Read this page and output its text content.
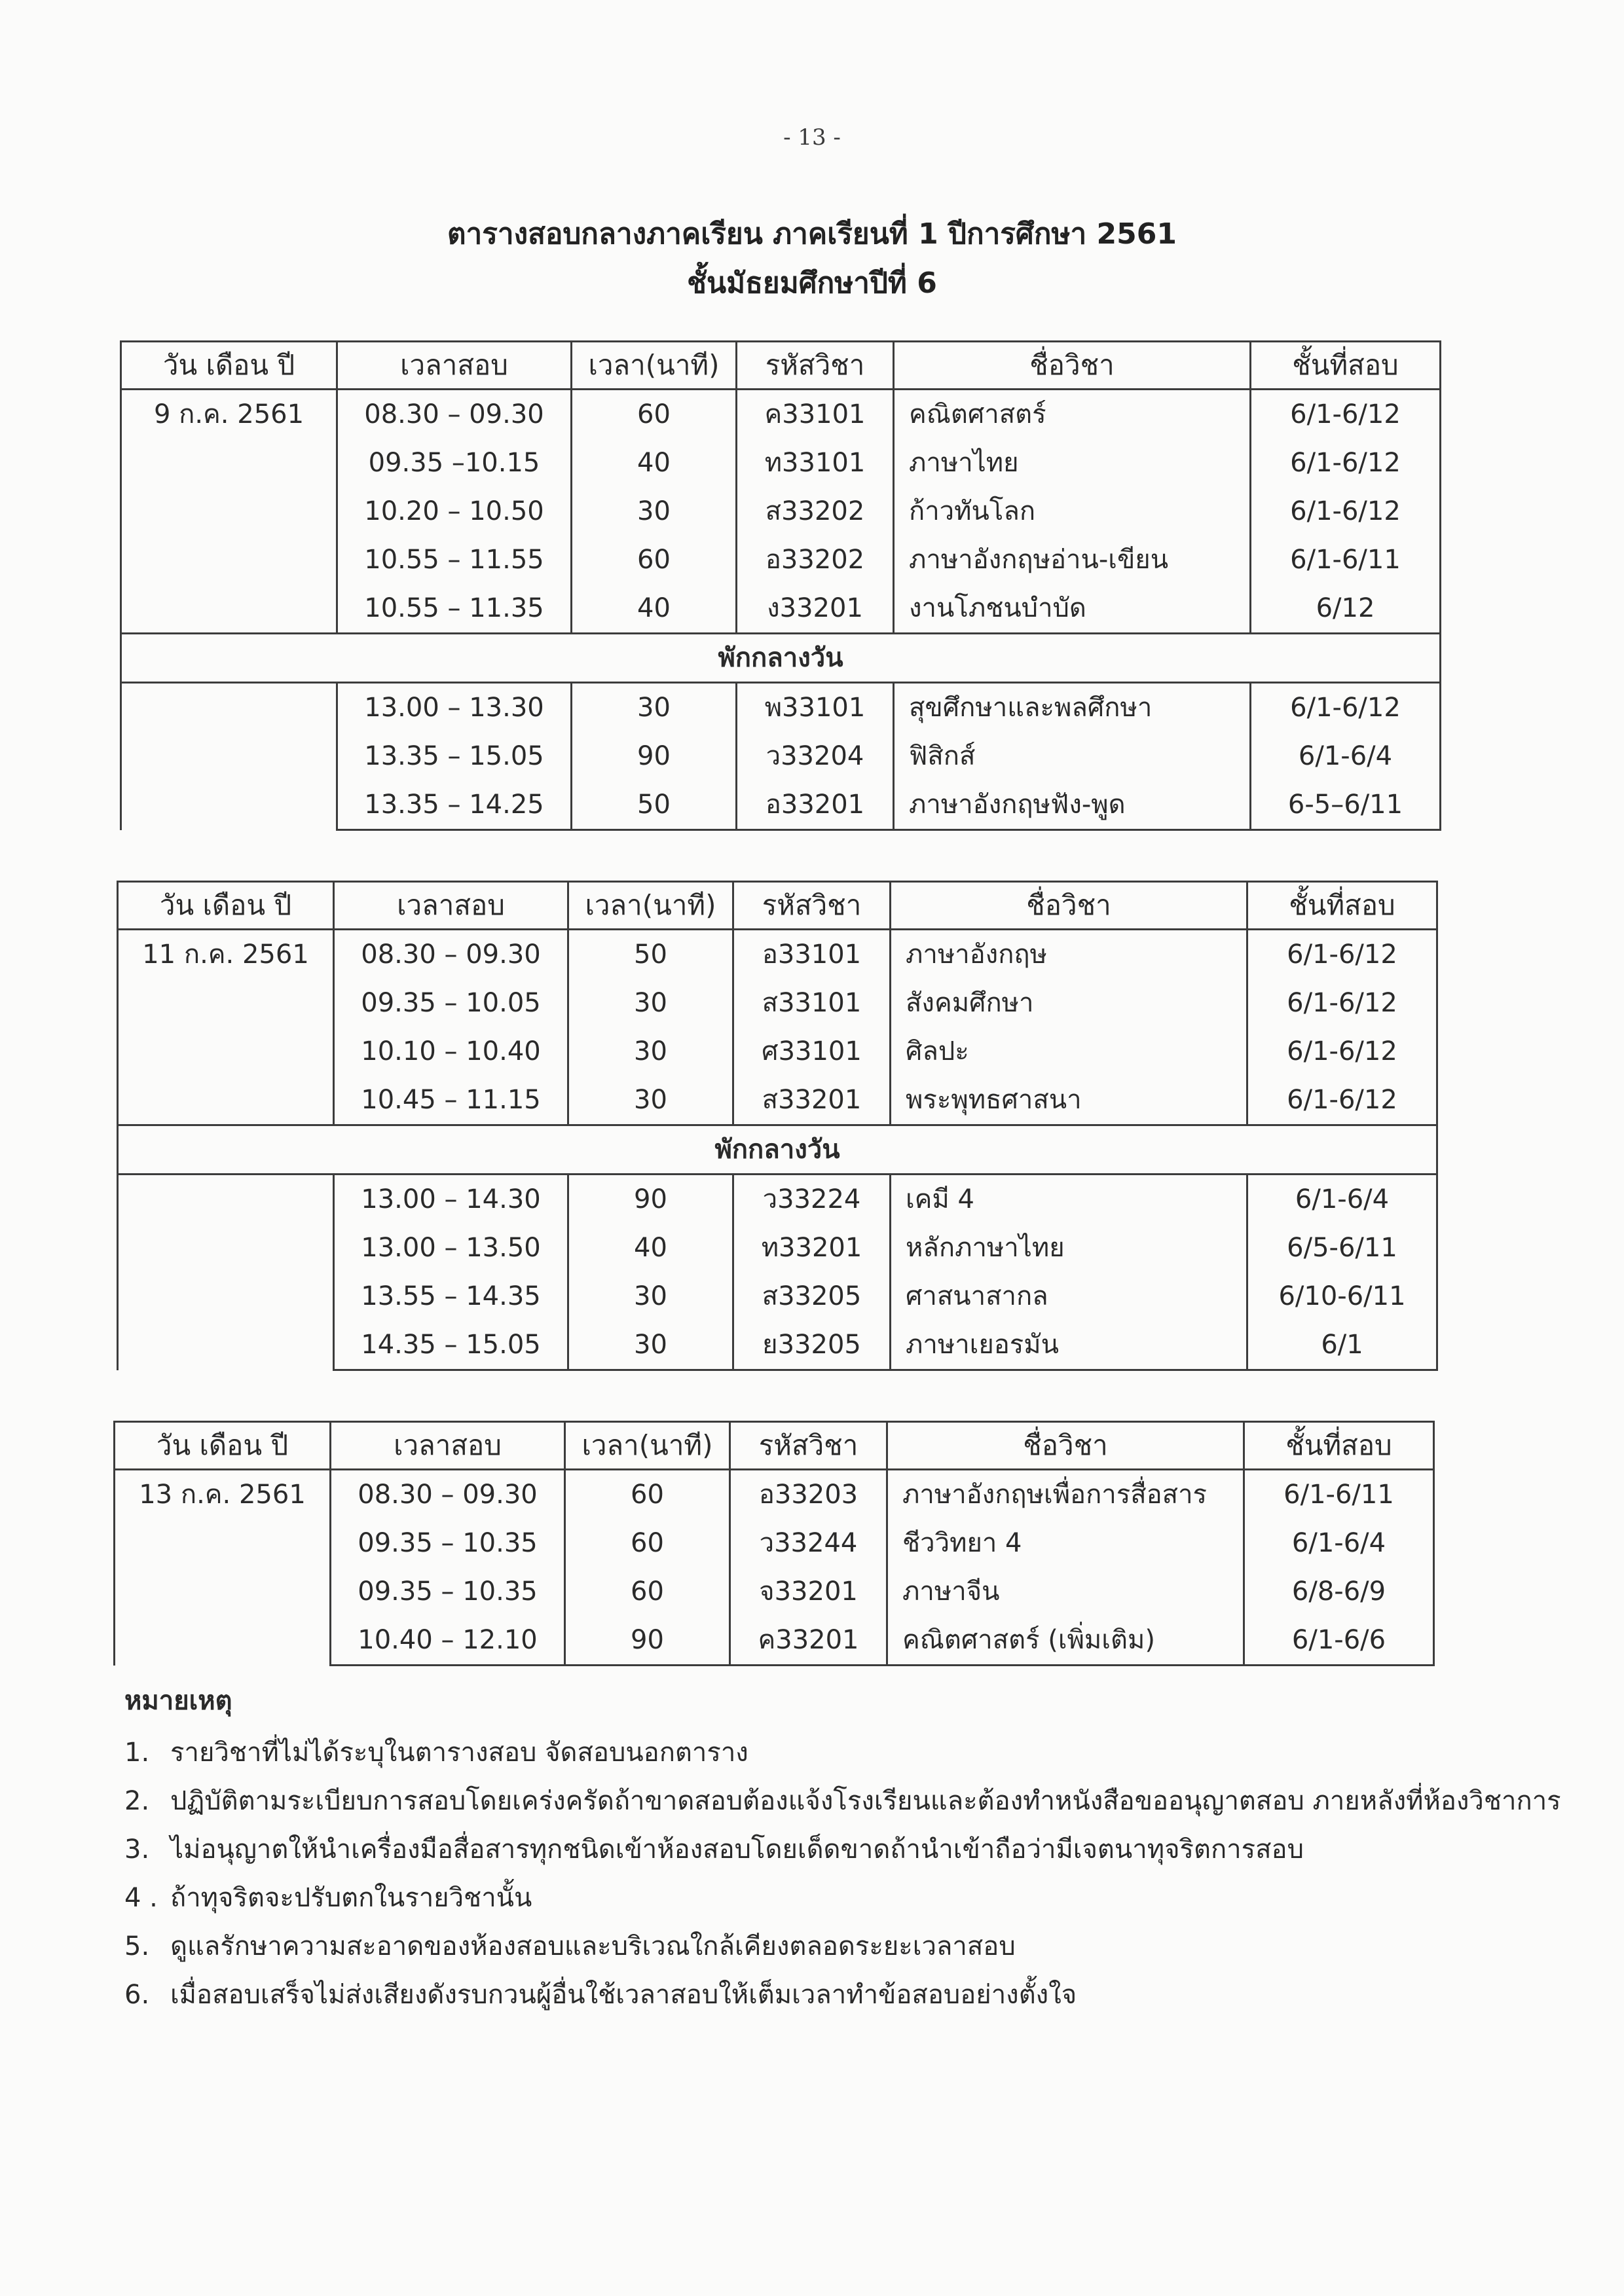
- 13 -
ตารางสอบกลางภาคเรียน ภาคเรียนที่ 1 ปีการศึกษา 2561
ชั้นมัธยมศึกษาปีที่ 6
วัน เดือน ปี	เวลาสอบ	เวลา(นาที)	รหัสวิชา	ชื่อวิชา	ชั้นที่สอบ
9 ก.ค. 2561	08.30 – 09.30	60	ค33101	คณิตศาสตร์	6/1-6/12
	09.35 –10.15	40	ท33101	ภาษาไทย	6/1-6/12
	10.20 – 10.50	30	ส33202	ก้าวทันโลก	6/1-6/12
	10.55 – 11.55	60	อ33202	ภาษาอังกฤษอ่าน-เขียน	6/1-6/11
	10.55 – 11.35	40	ง33201	งานโภชนบำบัด	6/12
พักกลางวัน					
	13.00 – 13.30	30	พ33101	สุขศึกษาและพลศึกษา	6/1-6/12
	13.35 – 15.05	90	ว33204	ฟิสิกส์	6/1-6/4
	13.35 – 14.25	50	อ33201	ภาษาอังกฤษฟัง-พูด	6-5–6/11
วัน เดือน ปี	เวลาสอบ	เวลา(นาที)	รหัสวิชา	ชื่อวิชา	ชั้นที่สอบ
11 ก.ค. 2561	08.30 – 09.30	50	อ33101	ภาษาอังกฤษ	6/1-6/12
	09.35 – 10.05	30	ส33101	สังคมศึกษา	6/1-6/12
	10.10 – 10.40	30	ศ33101	ศิลปะ	6/1-6/12
	10.45 – 11.15	30	ส33201	พระพุทธศาสนา	6/1-6/12
พักกลางวัน					
	13.00 – 14.30	90	ว33224	เคมี 4	6/1-6/4
	13.00 – 13.50	40	ท33201	หลักภาษาไทย	6/5-6/11
	13.55 – 14.35	30	ส33205	ศาสนาสากล	6/10-6/11
	14.35 – 15.05	30	ย33205	ภาษาเยอรมัน	6/1
วัน เดือน ปี	เวลาสอบ	เวลา(นาที)	รหัสวิชา	ชื่อวิชา	ชั้นที่สอบ
13 ก.ค. 2561	08.30 – 09.30	60	อ33203	ภาษาอังกฤษเพื่อการสื่อสาร	6/1-6/11
	09.35 – 10.35	60	ว33244	ชีววิทยา 4	6/1-6/4
	09.35 – 10.35	60	จ33201	ภาษาจีน	6/8-6/9
	10.40 – 12.10	90	ค33201	คณิตศาสตร์ (เพิ่มเติม)	6/1-6/6
หมายเหตุ
1. รายวิชาที่ไม่ได้ระบุในตารางสอบ จัดสอบนอกตาราง
2. ปฏิบัติตามระเบียบการสอบโดยเคร่งครัดถ้าขาดสอบต้องแจ้งโรงเรียนและต้องทำหนังสือขออนุญาตสอบ ภายหลังที่ห้องวิชาการ
3. ไม่อนุญาตให้นำเครื่องมือสื่อสารทุกชนิดเข้าห้องสอบโดยเด็ดขาดถ้านำเข้าถือว่ามีเจตนาทุจริตการสอบ
4 . ถ้าทุจริตจะปรับตกในรายวิชานั้น
5. ดูแลรักษาความสะอาดของห้องสอบและบริเวณใกล้เคียงตลอดระยะเวลาสอบ
6. เมื่อสอบเสร็จไม่ส่งเสียงดังรบกวนผู้อื่นใช้เวลาสอบให้เต็มเวลาทำข้อสอบอย่างตั้งใจ
